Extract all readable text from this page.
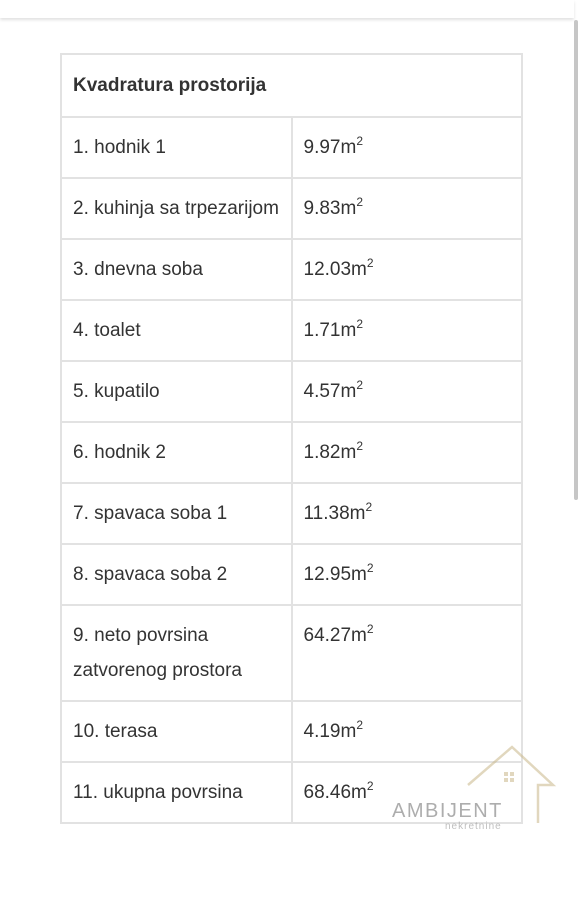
Kvadratura prostorija	
1. hodnik 1	$9.97m^2$
2. kuhinja sa trpezarijom	$9.83m^2$
3. dnevna soba	$12.03m^2$
4. toalet	$1.71m^2$
5. kupatilo	$4.57m^2$
6. hodnik 2	$1.82m^2$
7. spavaca soba 1	$11.38m^2$
8. spavaca soba 2	$12.95m^2$
9. neto povrsina zatvorenog prostora	$64.27m^2$
10. terasa	$4.19m^2$
11. ukupna povrsina	$68.46m^2$
AMBIJENT
nekretnine
